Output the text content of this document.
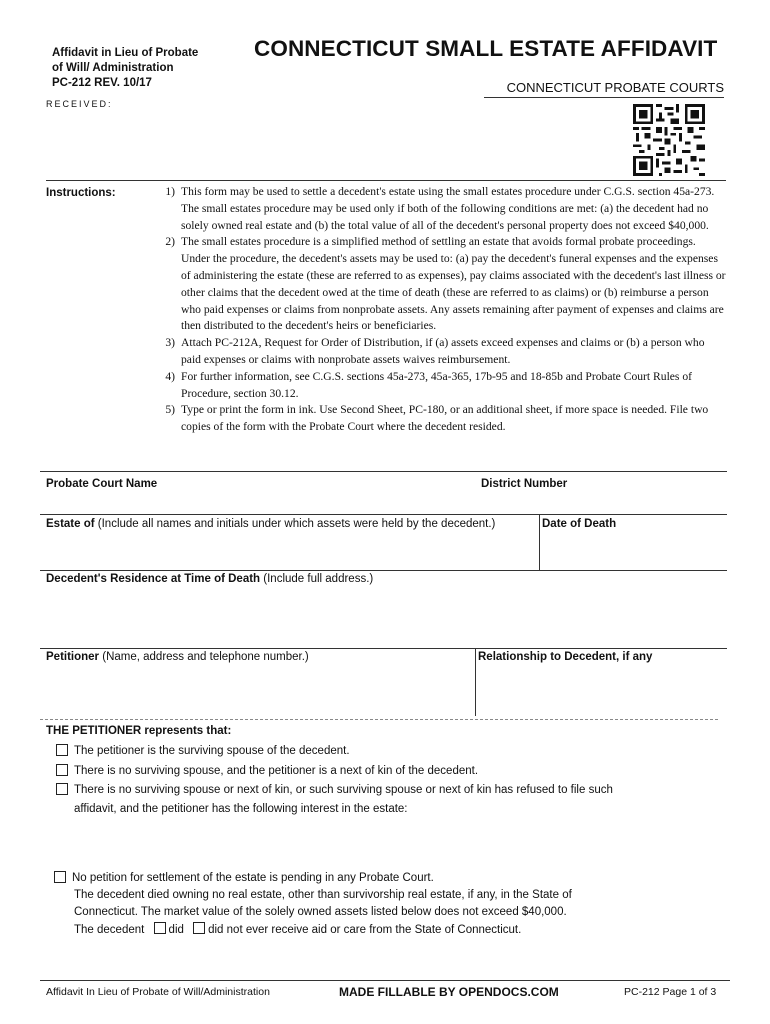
Affidavit in Lieu of Probate
of Will/ Administration
PC-212 REV. 10/17
CONNECTICUT SMALL ESTATE AFFIDAVIT
CONNECTICUT PROBATE COURTS
RECEIVED:
Instructions:	1) This form may be used to settle a decedent's estate using the small estates procedure under C.G.S. section 45a-273. The small estates procedure may be used only if both of the following conditions are met: (a) the decedent had no solely owned real estate and (b) the total value of all of the decedent's personal property does not exceed $40,000.
2) The small estates procedure is a simplified method of settling an estate that avoids formal probate proceedings. Under the procedure, the decedent's assets may be used to: (a) pay the decedent's funeral expenses and the expenses of administering the estate (these are referred to as expenses), pay claims associated with the decedent's last illness or other claims that the decedent owed at the time of death (these are referred to as claims) or (b) reimburse a person who paid expenses or claims from nonprobate assets. Any assets remaining after payment of expenses and claims are then distributed to the decedent's heirs or beneficiaries.
3) Attach PC-212A, Request for Order of Distribution, if (a) assets exceed expenses and claims or (b) a person who paid expenses or claims with nonprobate assets waives reimbursement.
4) For further information, see C.G.S. sections 45a-273, 45a-365, 17b-95 and 18-85b and Probate Court Rules of Procedure, section 30.12.
5) Type or print the form in ink. Use Second Sheet, PC-180, or an additional sheet, if more space is needed. File two copies of the form with the Probate Court where the decedent resided.
Probate Court Name	District Number
Estate of (Include all names and initials under which assets were held by the decedent.)	Date of Death
Decedent's Residence at Time of Death (Include full address.)
Petitioner (Name, address and telephone number.)	Relationship to Decedent, if any
THE PETITIONER represents that:
The petitioner is the surviving spouse of the decedent.
There is no surviving spouse, and the petitioner is a next of kin of the decedent.
There is no surviving spouse or next of kin, or such surviving spouse or next of kin has refused to file such
affidavit, and the petitioner has the following interest in the estate:
No petition for settlement of the estate is pending in any Probate Court.
The decedent died owning no real estate, other than survivorship real estate, if any, in the State of
Connecticut. The market value of the solely owned assets listed below does not exceed $40,000.
The decedent did did not ever receive aid or care from the State of Connecticut.
Affidavit In Lieu of Probate of Will/Administration	MADE FILLABLE BY OPENDOCS.COM	PC-212 Page 1 of 3
